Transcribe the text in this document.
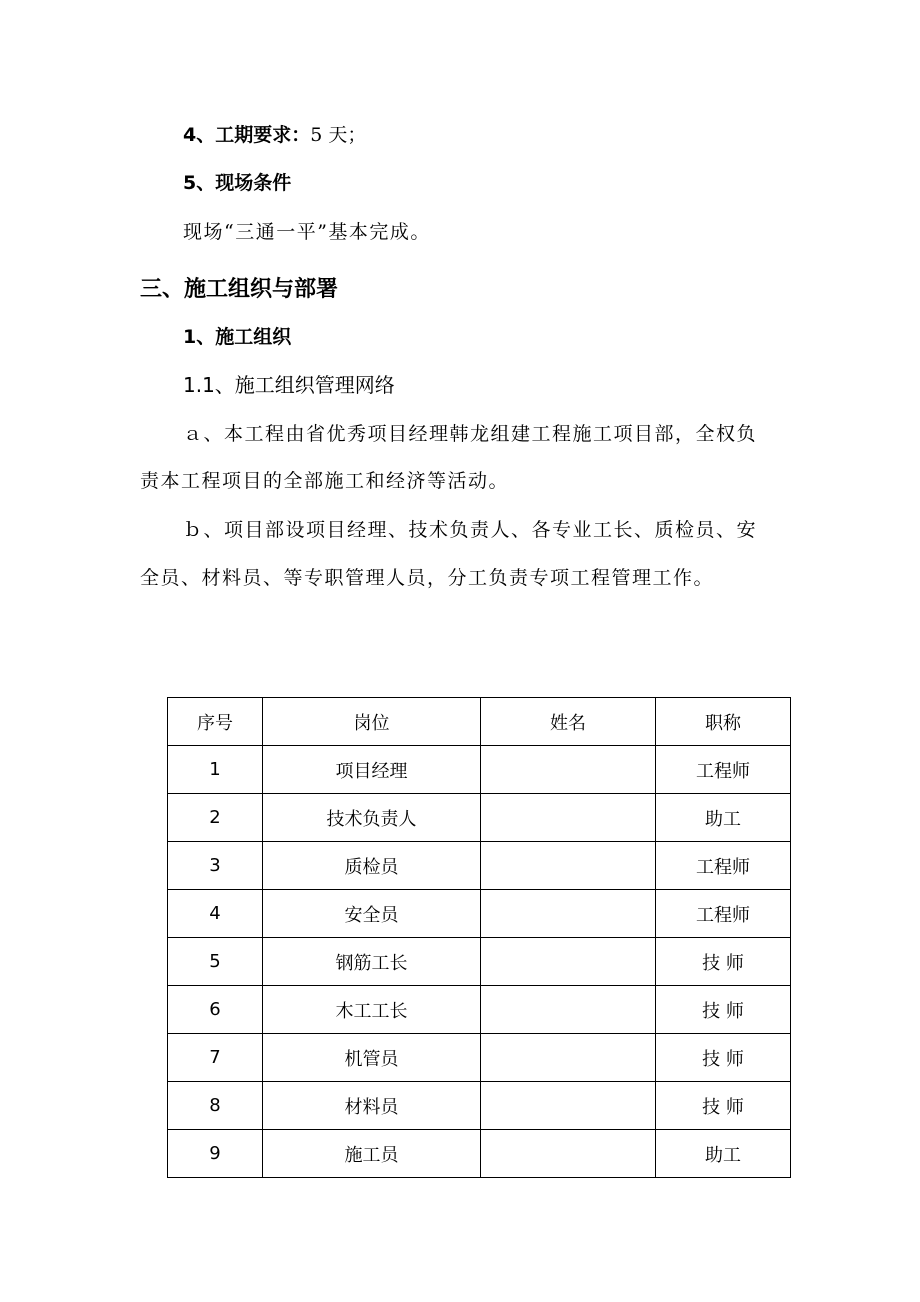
4、工期要求：5 天；
5、现场条件
现场“三通一平”基本完成。
三、施工组织与部署
1、施工组织
1.1、施工组织管理网络
ａ、本工程由省优秀项目经理韩龙组建工程施工项目部，全权负
责本工程项目的全部施工和经济等活动。
ｂ、项目部设项目经理、技术负责人、各专业工长、质检员、安
全员、材料员、等专职管理人员，分工负责专项工程管理工作。
序号	岗位	姓名	职称
1	项目经理		工程师
2	技术负责人		助工
3	质检员		工程师
4	安全员		工程师
5	钢筋工长		技 师
6	木工工长		技 师
7	机管员		技 师
8	材料员		技 师
9	施工员		助工
